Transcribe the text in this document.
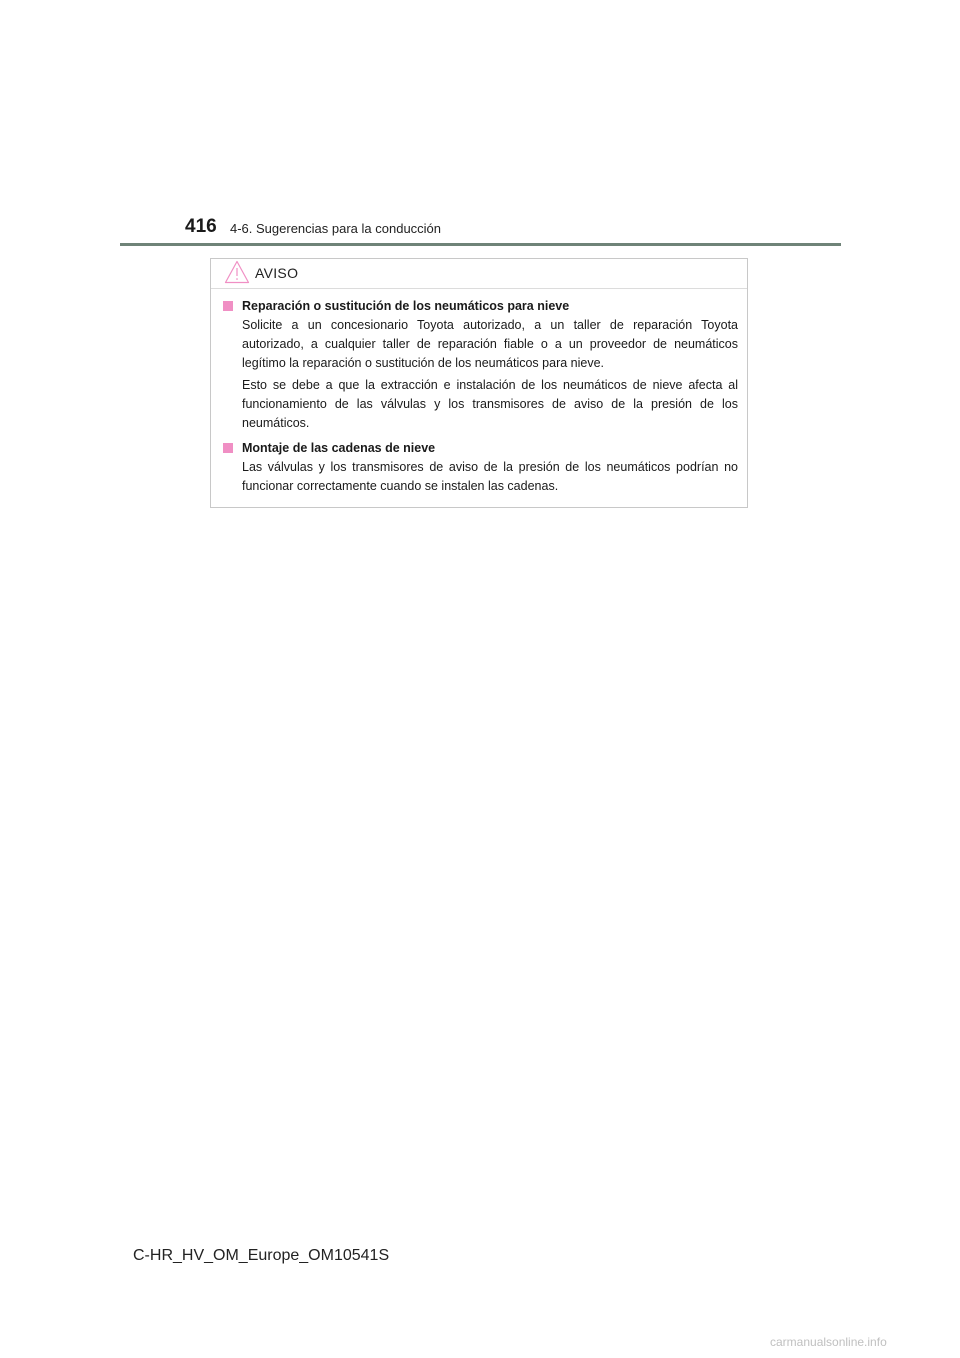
416 4-6. Sugerencias para la conducción
AVISO
Reparación o sustitución de los neumáticos para nieve

Solicite a un concesionario Toyota autorizado, a un taller de reparación Toyota autorizado, a cualquier taller de reparación fiable o a un proveedor de neumáticos legítimo la reparación o sustitución de los neumáticos para nieve.

Esto se debe a que la extracción e instalación de los neumáticos de nieve afecta al funcionamiento de las válvulas y los transmisores de aviso de la presión de los neumáticos.

Montaje de las cadenas de nieve

Las válvulas y los transmisores de aviso de la presión de los neumáticos podrían no funcionar correctamente cuando se instalen las cadenas.

C-HR_HV_OM_Europe_OM10541S
carmanualsonline.info
